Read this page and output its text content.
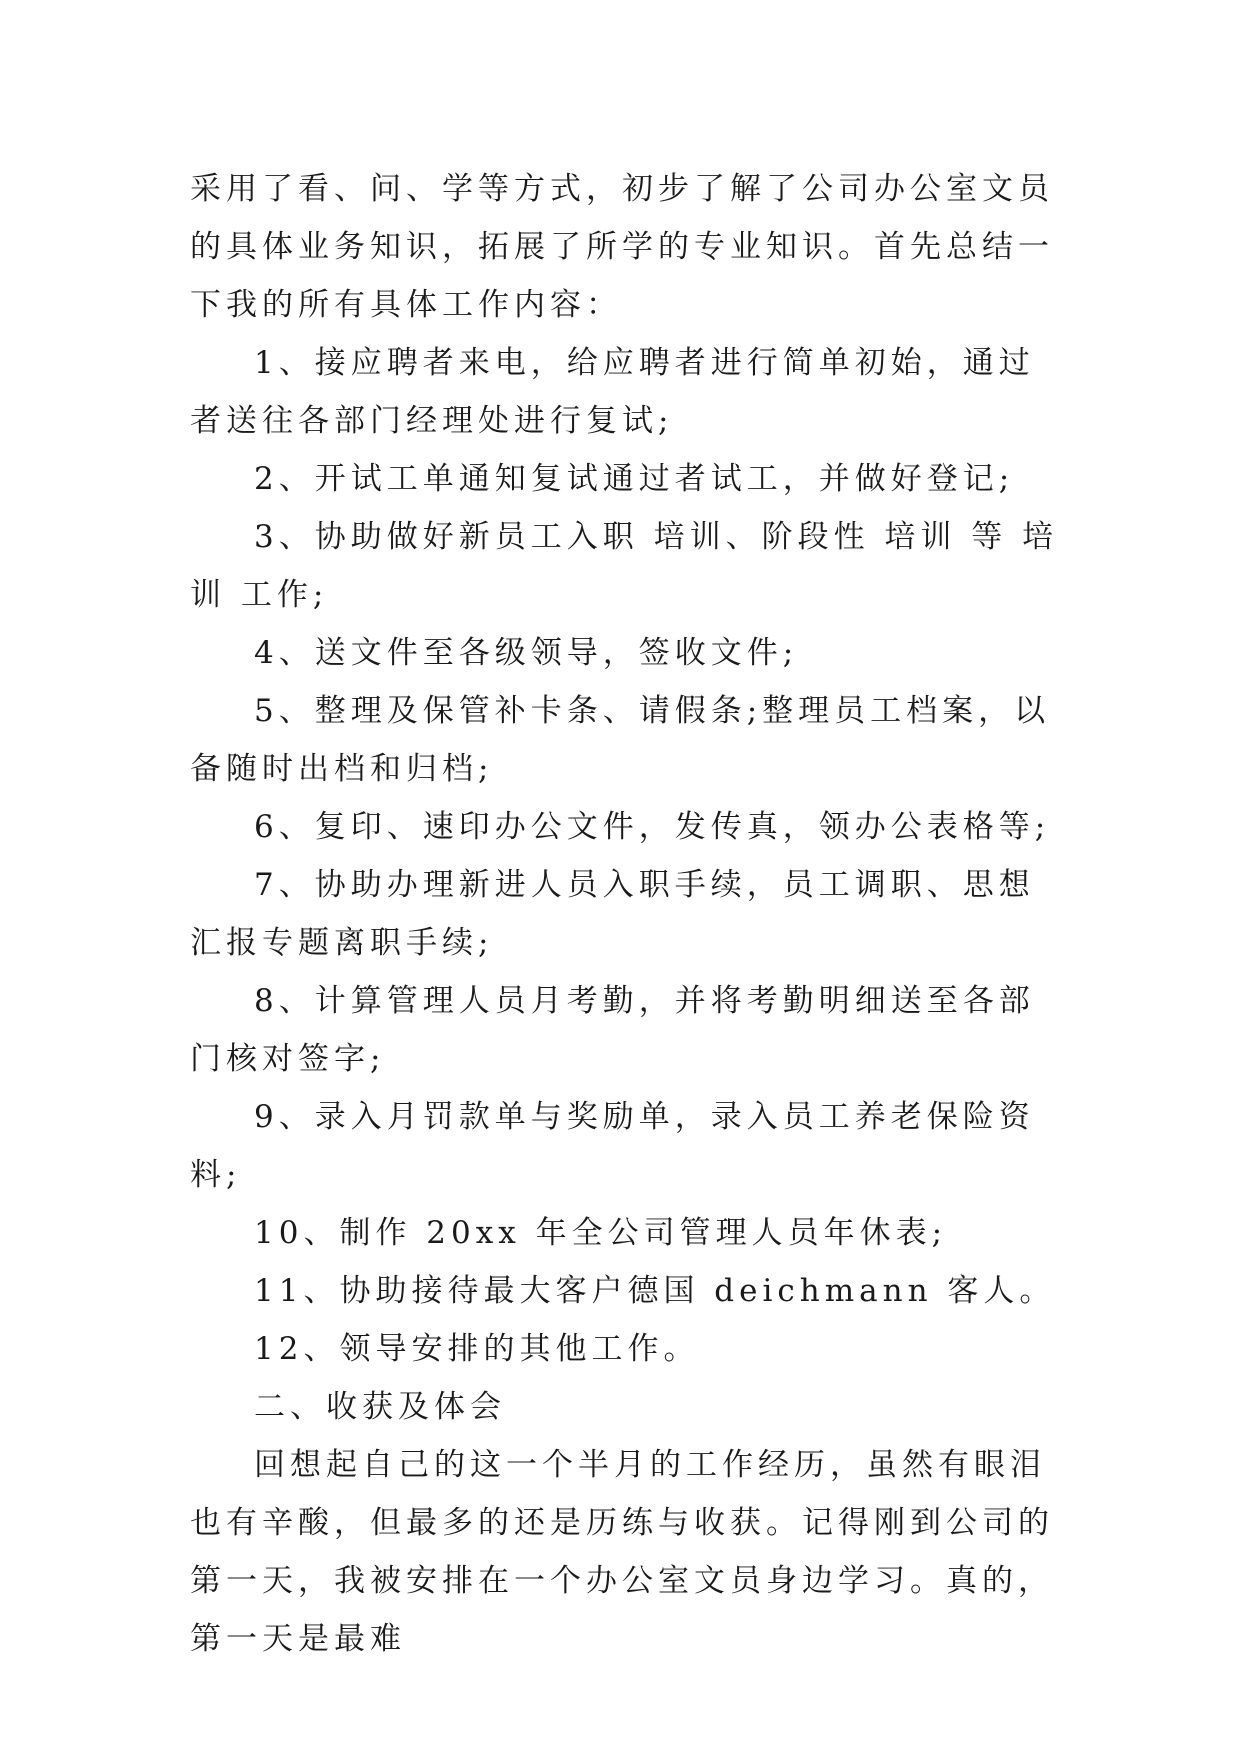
采用了看、问、学等方式，初步了解了公司办公室文员的具体业务知识，拓展了所学的专业知识。首先总结一下我的所有具体工作内容：

1、接应聘者来电，给应聘者进行简单初始，通过者送往各部门经理处进行复试;

2、开试工单通知复试通过者试工，并做好登记;

3、协助做好新员工入职 培训、阶段性 培训 等 培训 工作;

4、送文件至各级领导，签收文件;

5、整理及保管补卡条、请假条;整理员工档案，以备随时出档和归档;

6、复印、速印办公文件，发传真，领办公表格等;

7、协助办理新进人员入职手续，员工调职、思想汇报专题离职手续;

8、计算管理人员月考勤，并将考勤明细送至各部门核对签字;

9、录入月罚款单与奖励单，录入员工养老保险资料;

10、制作 20xx 年全公司管理人员年休表;

11、协助接待最大客户德国 deichmann 客人。

12、领导安排的其他工作。

二、收获及体会

回想起自己的这一个半月的工作经历，虽然有眼泪也有辛酸，但最多的还是历练与收获。记得刚到公司的第一天，我被安排在一个办公室文员身边学习。真的，第一天是最难
